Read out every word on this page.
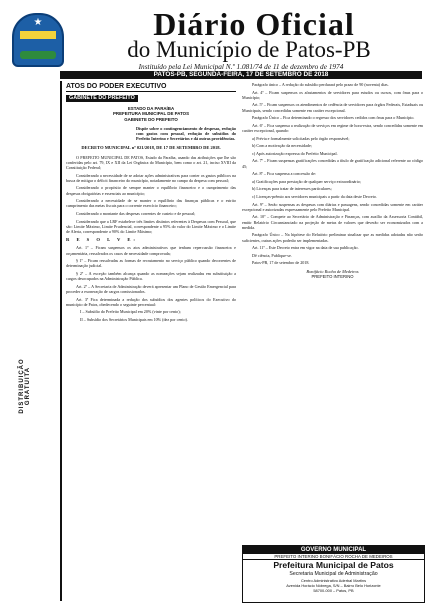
★	Diário Oficial
do Município de Patos-PB
Instituído pela Lei Municipal N.º 1.081/74 de 11 de dezembro de 1974
PATOS-PB, SEGUNDA-FEIRA, 17 DE SETEMBRO DE 2018
DISTRIBUIÇÃO GRATUITA
ATOS DO PODER EXECUTIVO
GABINETE DO PREFEITO
ESTADO DA PARAÍBA
PREFEITURA MUNICIPAL DE PATOS
GABINETE DO PREFEITO
Dispõe sobre o contingenciamento de despesas, redução com gastos com pessoal, redução de subsídios do Prefeito Interino e Secretários e dá outras providências.
DECRETO MUNICIPAL nº 021/2018, DE 17 DE SETEMBRO DE 2018.

O PREFEITO MUNICIPAL DE PATOS, Estado da Paraíba, usando das atribuições que lhe são conferidas pelo art. 79, IX e XII da Lei Orgânica do Município, bem como o art. 21, inciso XVIII da Constituição Federal;

Considerando a necessidade de se adotar ações administrativas para conter os gastos públicos na busca de mitigar o déficit financeiro do município, notadamente no campo da despesa com pessoal;

Considerando o propósito de sempre manter o equilíbrio financeiro e o cumprimento das despesas obrigatórias e essenciais ao município;

Considerando a necessidade de se manter o equilíbrio das finanças públicas e o estrito cumprimento das metas fiscais para o corrente exercício financeiro;

Considerando o montante das despesas correntes de custeio e de pessoal;

Considerando que a LRF estabelece três limites distintos referentes à Despesas com Pessoal, que são: Limite Máximo, Limite Prudencial, correspondente a 95% do valor do Limite Máximo e o Limite de Alerta, correspondente a 90% do Limite Máximo;

R E S O L V E:

Art. 1º – Ficam suspensos os atos administrativos que tenham repercussão financeira e orçamentária, ressalvados os casos de necessidade comprovada;

§ 1º – Ficam ressalvadas as formas de recrutamento no serviço público quando decorrentes de determinação judicial.

§ 2º – A exceção também alcança quando as nomeações sejam realizadas em substituição a cargos desocupados na Administração Pública.

Art. 2º – A Secretaria de Administração deverá apresentar um Plano de Gestão Emergencial para proceder a exoneração de cargos comissionados.

Art. 3º Fica determinada a redução dos subsídios dos agentes políticos do Executivo do município de Patos, obedecendo o seguinte percentual:

I – Subsídio do Prefeito Municipal em 20% (vinte por cento);
II – Subsídio dos Secretários Municipais em 10% (dez por cento).

Parágrafo único – A redução do subsídio perdurará pelo prazo de 90 (noventa) dias.

Art. 4º – Ficam suspensos os afastamentos de servidores para estudos ou cursos, com ônus para o Município;

Art. 5º – Ficam suspensos os atendimentos de cedência de servidores para órgãos Federais, Estaduais ou Municipais, sendo concedidas somente em caráter excepcional.

Parágrafo Único – Fica determinado o regresso dos servidores cedidos com ônus para o Município.

Art. 6º – Fica suspensa a realização de serviços em regime de hora-extra, sendo concedidas somente em caráter excepcional, quando:

a) Prévia e formalmente solicitadas pelo órgão responsável;

b) Com a motivação da necessidade;

c) Após autorização expressa do Prefeito Municipal.

Art. 7º – Ficam suspensas gratificações concedidas a título de gratificação adicional referente ao código 45;

Art. 8º – Fica suspensa a concessão de:

a) Gratificações para prestação de qualquer serviço extraordinário;

b) Licenças para tratar de interesses particulares;

c) Licenças-prêmio aos servidores municipais a partir da data deste Decreto.

Art. 9º – Serão suspensas as despesas com diárias e passagens, sendo concedidas somente em caráter excepcional e autorizadas expressamente pelo Prefeito Municipal.

Art. 10º – Compete ao Secretário de Administração e Finanças, com auxílio da Assessoria Contábil, emitir Relatório Circunstanciado na projeção de metas de valores que deverão ser economizados com a medida.

Parágrafo Único – Na hipótese do Relatório preliminar sinalizar que as medidas adotadas não serão suficientes, outras ações poderão ser implementadas.

Art. 11º – Este Decreto entra em vigor na data de sua publicação.

Dê ciência, Publique-se.

Patos-PB, 17 de setembro de 2018.

Bonifácio Rocha de Medeiros
PREFEITO INTERINO
GOVERNO MUNICIPAL
PREFEITO INTERINO BONIFÁCIO ROCHA DE MEDEIROS
Prefeitura Municipal de Patos
Secretaria Municipal de Administração
Centro Administrativo Aderbal Martins
Avenida Horácio Nóbrega, S/N – Bairro Belo Horizonte
58700-000 – Patos, PB
